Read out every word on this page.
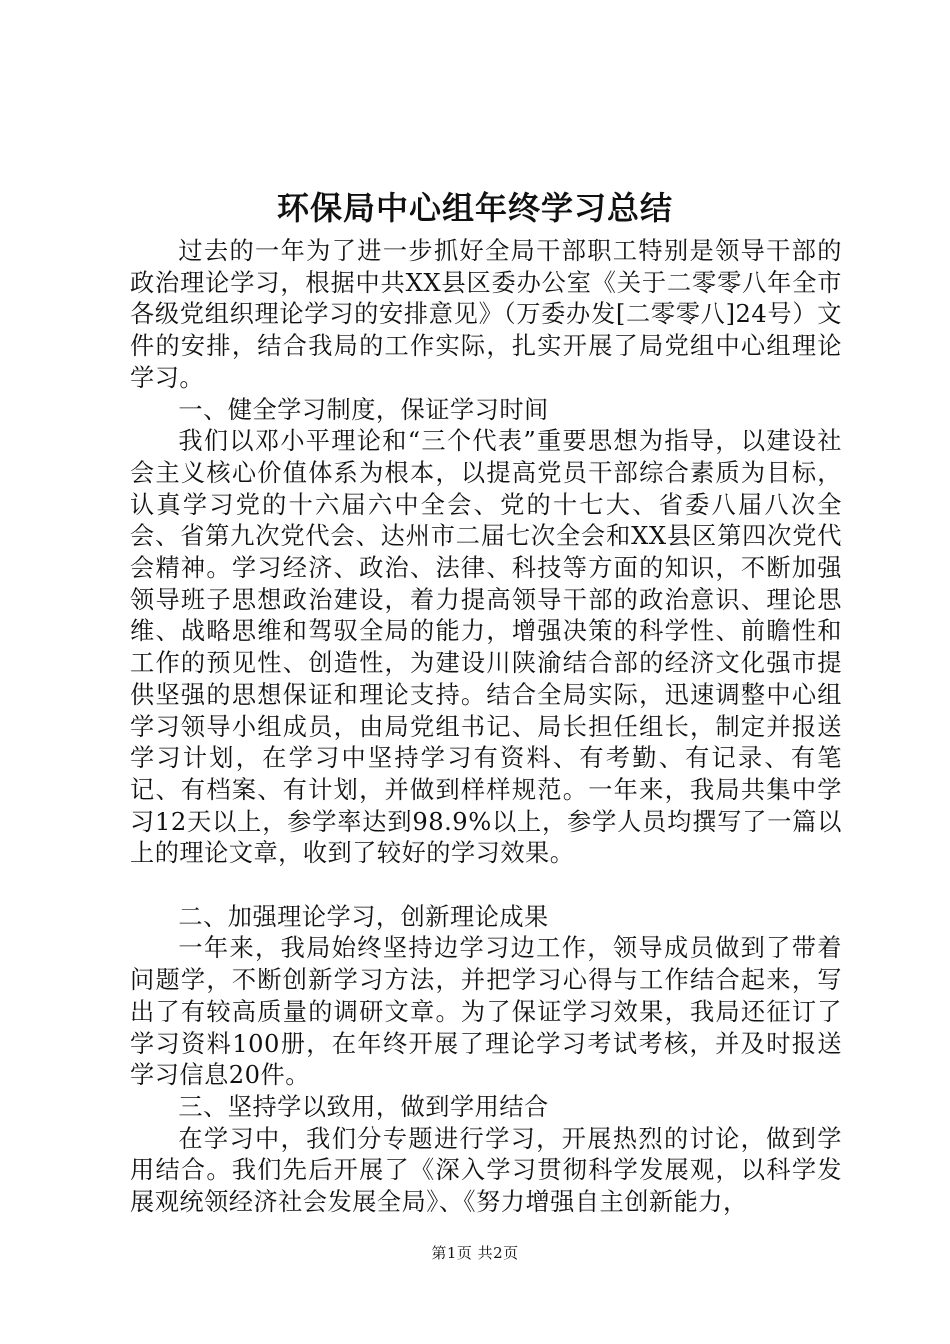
环保局中心组年终学习总结

过去的一年为了进一步抓好全局干部职工特别是领导干部的政治理论学习，根据中共XX县区委办公室《关于二零零八年全市各级党组织理论学习的安排意见》（万委办发[二零零八]24号）文件的安排，结合我局的工作实际，扎实开展了局党组中心组理论学习。

一、健全学习制度，保证学习时间

我们以邓小平理论和“三个代表”重要思想为指导，以建设社会主义核心价值体系为根本，以提高党员干部综合素质为目标，认真学习党的十六届六中全会、党的十七大、省委八届八次全会、省第九次党代会、达州市二届七次全会和XX县区第四次党代会精神。学习经济、政治、法律、科技等方面的知识，不断加强领导班子思想政治建设，着力提高领导干部的政治意识、理论思维、战略思维和驾驭全局的能力，增强决策的科学性、前瞻性和工作的预见性、创造性，为建设川陕渝结合部的经济文化强市提供坚强的思想保证和理论支持。结合全局实际，迅速调整中心组学习领导小组成员，由局党组书记、局长担任组长，制定并报送学习计划，在学习中坚持学习有资料、有考勤、有记录、有笔记、有档案、有计划，并做到样样规范。一年来，我局共集中学习12天以上，参学率达到98.9%以上，参学人员均撰写了一篇以上的理论文章，收到了较好的学习效果。

二、加强理论学习，创新理论成果

一年来，我局始终坚持边学习边工作，领导成员做到了带着问题学，不断创新学习方法，并把学习心得与工作结合起来，写出了有较高质量的调研文章。为了保证学习效果，我局还征订了学习资料100册，在年终开展了理论学习考试考核，并及时报送学习信息20件。

三、坚持学以致用，做到学用结合

在学习中，我们分专题进行学习，开展热烈的讨论，做到学用结合。我们先后开展了《深入学习贯彻科学发展观，以科学发展观统领经济社会发展全局》、《努力增强自主创新能力，

第1页 共2页
